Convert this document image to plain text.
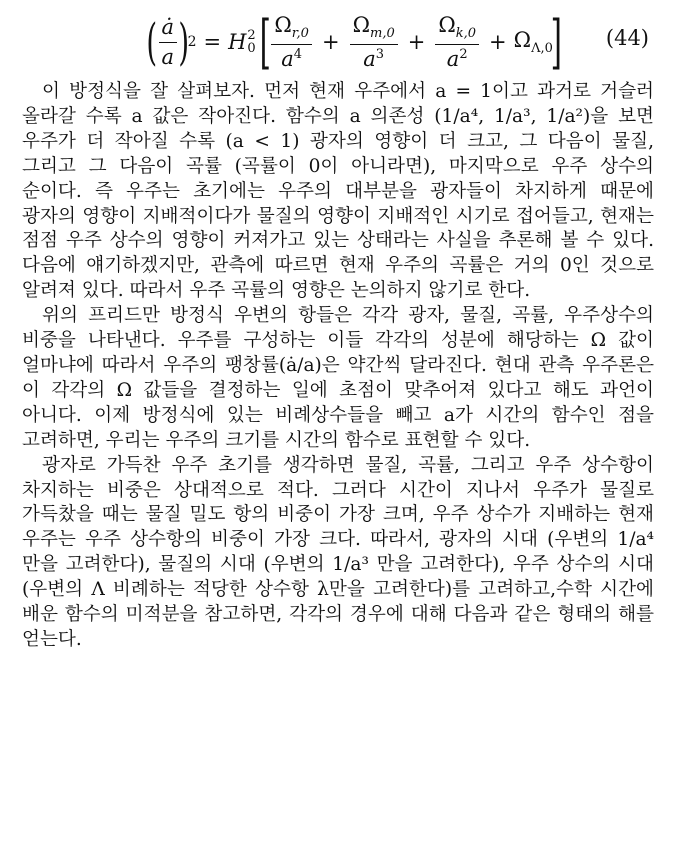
( $\frac{ȧ}{a}$ )
2 = H 2
0 [ $\frac{\Omega_{r,0}}{a^4} + \frac{\Omega_{m,0}}{a^3} + \frac{\Omega_{k,0}}{a^2} + \Omega_{\Lambda,0}$
] (44)

이 방정식을 잘 살펴보자. 먼저 현재 우주에서 a = 1이고 과거로 거슬러 올라갈 수록 a 값은 작아진다. 함수의 a 의존성 (1/a⁴, 1/a³, 1/a²)을 보면 우주가 더 작아질 수록 (a < 1) 광자의 영향이 더 크고, 그 다음이 물질, 그리고 그 다음이 곡률 (곡률이 0이 아니라면), 마지막으로 우주 상수의 순이다. 즉 우주는 초기에는 우주의 대부분을 광자들이 차지하게 때문에 광자의 영향이 지배적이다가 물질의 영향이 지배적인 시기로 접어들고, 현재는 점점 우주 상수의 영향이 커져가고 있는 상태라는 사실을 추론해 볼 수 있다. 다음에 얘기하겠지만, 관측에 따르면 현재 우주의 곡률은 거의 0인 것으로 알려져 있다. 따라서 우주 곡률의 영향은 논의하지 않기로 한다.

위의 프리드만 방정식 우변의 항들은 각각 광자, 물질, 곡률, 우주상수의 비중을 나타낸다. 우주를 구성하는 이들 각각의 성분에 해당하는 Ω 값이 얼마냐에 따라서 우주의 팽창률(ȧ/a)은 약간씩 달라진다. 현대 관측 우주론은 이 각각의 Ω 값들을 결정하는 일에 초점이 맞추어져 있다고 해도 과언이 아니다. 이제 방정식에 있는 비례상수들을 빼고 a가 시간의 함수인 점을 고려하면, 우리는 우주의 크기를 시간의 함수로 표현할 수 있다.

광자로 가득찬 우주 초기를 생각하면 물질, 곡률, 그리고 우주 상수항이 차지하는 비중은 상대적으로 적다. 그러다 시간이 지나서 우주가 물질로 가득찼을 때는 물질 밀도 항의 비중이 가장 크며, 우주 상수가 지배하는 현재 우주는 우주 상수항의 비중이 가장 크다. 따라서, 광자의 시대 (우변의 1/a⁴ 만을 고려한다), 물질의 시대 (우변의 1/a³ 만을 고려한다), 우주 상수의 시대 (우변의 Λ 비례하는 적당한 상수항 λ만을 고려한다)를 고려하고,수학 시간에 배운 함수의 미적분을 참고하면, 각각의 경우에 대해 다음과 같은 형태의 해를 얻는다.
